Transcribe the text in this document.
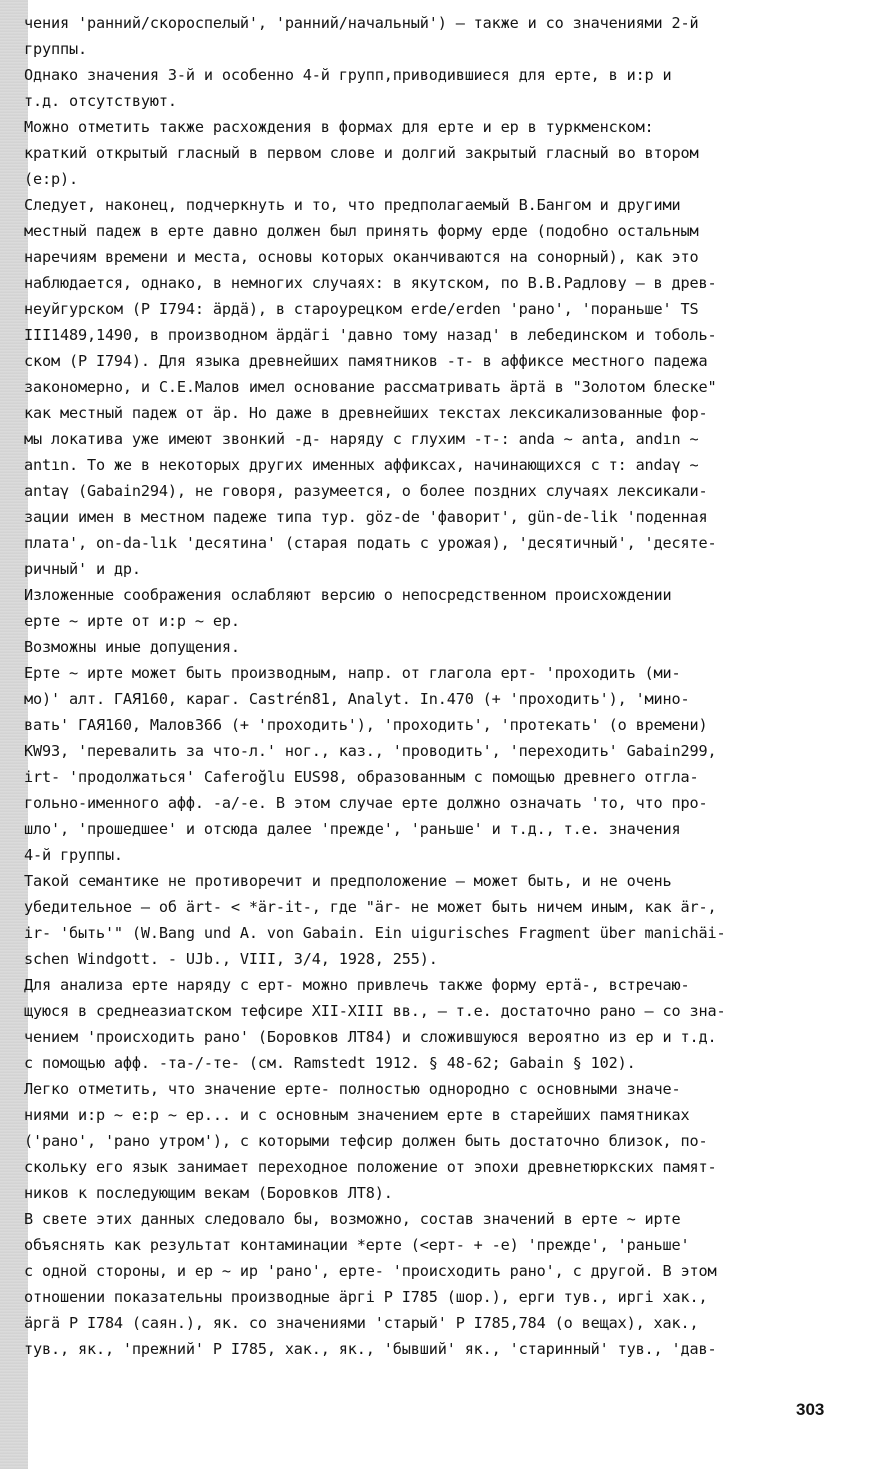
чения 'ранний/скороспелый', 'ранний/начальный') – также и со значениями 2-й
группы.
Однако значения 3-й и особенно 4-й групп,приводившиеся для ерте, в и:р и
т.д. отсутствуют.
Можно отметить также расхождения в формах для ерте и ер в туркменском:
краткий открытый гласный в первом слове и долгий закрытый гласный во втором
(е:р).
Следует, наконец, подчеркнуть и то, что предполагаемый В.Бангом и другими
местный падеж в ерте давно должен был принять форму ерде (подобно остальным
наречиям времени и места, основы которых оканчиваются на сонорный), как это
наблюдается, однако, в немногих случаях: в якутском, по В.В.Радлову – в древ-
неуйгурском (Р I794: äрдä), в староурецком erde/erden 'рано', 'пораньше' TS
III1489,1490, в производном äрдäгi 'давно тому назад' в лебединском и тоболь-
ском (Р I794). Для языка древнейших памятников -т- в аффиксе местного падежа
закономерно, и С.Е.Малов имел основание рассматривать äртä в "Золотом блеске"
как местный падеж от äр. Но даже в древнейших текстах лексикализованные фор-
мы локатива уже имеют звонкий -д- наряду с глухим -т-: anda ~ anta, andın ~
antın. То же в некоторых других именных аффиксах, начинающихся с т: andaγ ~
antaγ (Gabain294), не говоря, разумеется, о более поздних случаях лексикали-
зации имен в местном падеже типа тур. göz-de 'фаворит', gün-de-lik 'поденная
плата', on-da-lık 'десятина' (старая подать с урожая), 'десятичный', 'десяте-
ричный' и др.
Изложенные соображения ослабляют версию о непосредственном происхождении
ерте ~ ирте от и:р ~ ер.
Возможны иные допущения.
Ерте ~ ирте может быть производным, напр. от глагола ерт- 'проходить (ми-
мо)' алт. ГАЯ160, караг. Castrén81, Analyt. In.470 (+ 'проходить'), 'мино-
вать' ГАЯ160, Малов366 (+ 'проходить'), 'проходить', 'протекать' (о времени)
КW93, 'перевалить за что-л.' ног., каз., 'проводить', 'переходить' Gabain299,
irt- 'продолжаться' Caferoğlu EUS98, образованным с помощью древнего отгла-
гольно-именного афф. -а/-е. В этом случае ерте должно означать 'то, что про-
шло', 'прошедшее' и отсюда далее 'прежде', 'раньше' и т.д., т.е. значения
4-й группы.
Такой семантике не противоречит и предположение – может быть, и не очень
убедительное – об ärt- < *är-it-, где "är- не может быть ничем иным, как är-,
ir- 'быть'" (W.Bang und A. von Gabain. Ein uigurisches Fragment über manichäi-
schen Windgott. - UJb., VIII, 3/4, 1928, 255).
Для анализа ерте наряду с ерт- можно привлечь также форму ертä-, встречаю-
щуюся в среднеазиатском тефсире XII-XIII вв., – т.е. достаточно рано – со зна-
чением 'происходить рано' (Боровков ЛТ84) и сложившуюся вероятно из ер и т.д.
с помощью афф. -та-/-те- (см. Ramstedt 1912. § 48-62; Gabain § 102).
Легко отметить, что значение ерте- полностью однородно с основными значе-
ниями и:р ~ е:р ~ ер... и с основным значением ерте в старейших памятниках
('рано', 'рано утром'), с которыми тефсир должен быть достаточно близок, по-
скольку его язык занимает переходное положение от эпохи древнетюркских памят-
ников к последующим векам (Боровков ЛТ8).
В свете этих данных следовало бы, возможно, состав значений в ерте ~ ирте
объяснять как результат контаминации *ерте (<ерт- + -е) 'прежде', 'раньше'
с одной стороны, и ер ~ ир 'рано', ерте- 'происходить рано', с другой. В этом
отношении показательны производные äргi Р I785 (шор.), ерги тув., иргi хак.,
äргä Р I784 (саян.), як. со значениями 'старый' Р I785,784 (о вещах), хак.,
тув., як., 'прежний' Р I785, хак., як., 'бывший' як., 'старинный' тув., 'дав-
303
